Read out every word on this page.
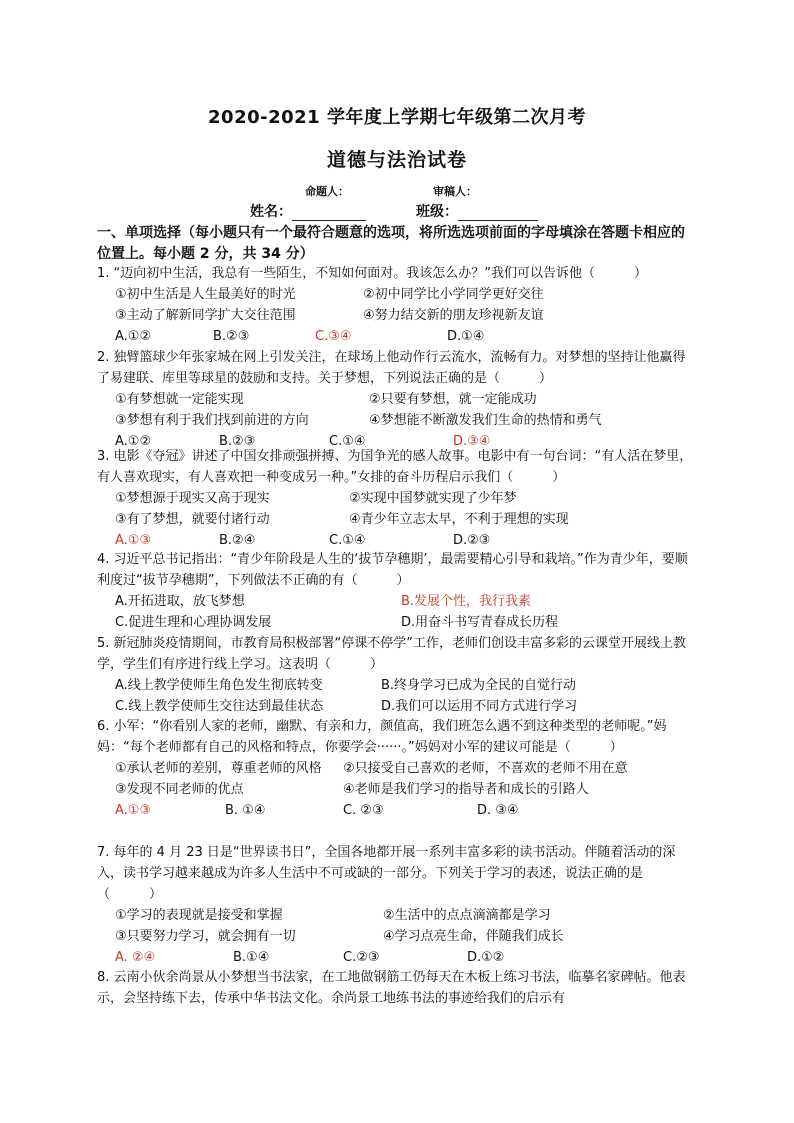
2020-2021 学年度上学期七年级第二次月考
道德与法治试卷
命题人：	审稿人：
姓名：	班级：
一、单项选择（每小题只有一个最符合题意的选项，将所选选项前面的字母填涂在答题卡相应的位置上。每小题 2 分，共 34 分）

1. “迈向初中生活，我总有一些陌生，不知如何面对。我该怎么办？”我们可以告诉他（　　　）

①初中生活是人生最美好的时光	②初中同学比小学同学更好交往
③主动了解新同学扩大交往范围	④努力结交新的朋友珍视新友谊
A.①②	B.②③	C.③④	D.①④

2. 独臂篮球少年张家城在网上引发关注，在球场上他动作行云流水，流畅有力。对梦想的坚持让他赢得了易建联、库里等球星的鼓励和支持。关于梦想，下列说法正确的是（　　　）

①有梦想就一定能实现	②只要有梦想，就一定能成功
③梦想有利于我们找到前进的方向	④梦想能不断激发我们生命的热情和勇气
A.①②	B.②③	C.①④	D.③④

3. 电影《夺冠》讲述了中国女排顽强拼搏、为国争光的感人故事。电影中有一句台词：“有人活在梦里，有人喜欢现实，有人喜欢把一种变成另一种。”女排的奋斗历程启示我们（　　　）

①梦想源于现实又高于现实	②实现中国梦就实现了少年梦
③有了梦想，就要付诸行动	④青少年立志太早，不利于理想的实现
A.①③	B.②④	C.①④	D.②③

4. 习近平总书记指出：“青少年阶段是人生的‘拔节孕穗期’，最需要精心引导和栽培。”作为青少年，要顺利度过“拔节孕穗期”，下列做法不正确的有（　　　）

A.开拓进取，放飞梦想	B.发展个性，我行我素
C.促进生理和心理协调发展	D.用奋斗书写青春成长历程

5. 新冠肺炎疫情期间，市教育局积极部署“停课不停学”工作，老师们创设丰富多彩的云课堂开展线上教学，学生们有序进行线上学习。这表明（　　　）

A.线上教学使师生角色发生彻底转变	B.终身学习已成为全民的自觉行动
C.线上教学使师生交往达到最佳状态	D.我们可以运用不同方式进行学习

6. 小军：“你看别人家的老师，幽默、有亲和力，颜值高，我们班怎么遇不到这种类型的老师呢。”妈妈：“每个老师都有自己的风格和特点，你要学会······。”妈妈对小军的建议可能是（　　　）

①承认老师的差别，尊重老师的风格 ②只接受自己喜欢的老师，不喜欢的老师不用在意
③发现不同老师的优点	④老师是我们学习的指导者和成长的引路人
A.①③	B. ①④	C. ②③	D. ③④

7. 每年的 4 月 23 日是“世界读书日”，全国各地都开展一系列丰富多彩的读书活动。伴随着活动的深入，读书学习越来越成为许多人生活中不可或缺的一部分。下列关于学习的表述，说法正确的是（　　　）

①学习的表现就是接受和掌握	②生活中的点点滴滴都是学习
③只要努力学习，就会拥有一切	④学习点亮生命，伴随我们成长
A. ②④	B.①④	C.②③	D.①②

8. 云南小伙余尚景从小梦想当书法家，在工地做钢筋工仍每天在木板上练习书法，临摹名家碑帖。他表示，会坚持练下去，传承中华书法文化。余尚景工地练书法的事迹给我们的启示有
